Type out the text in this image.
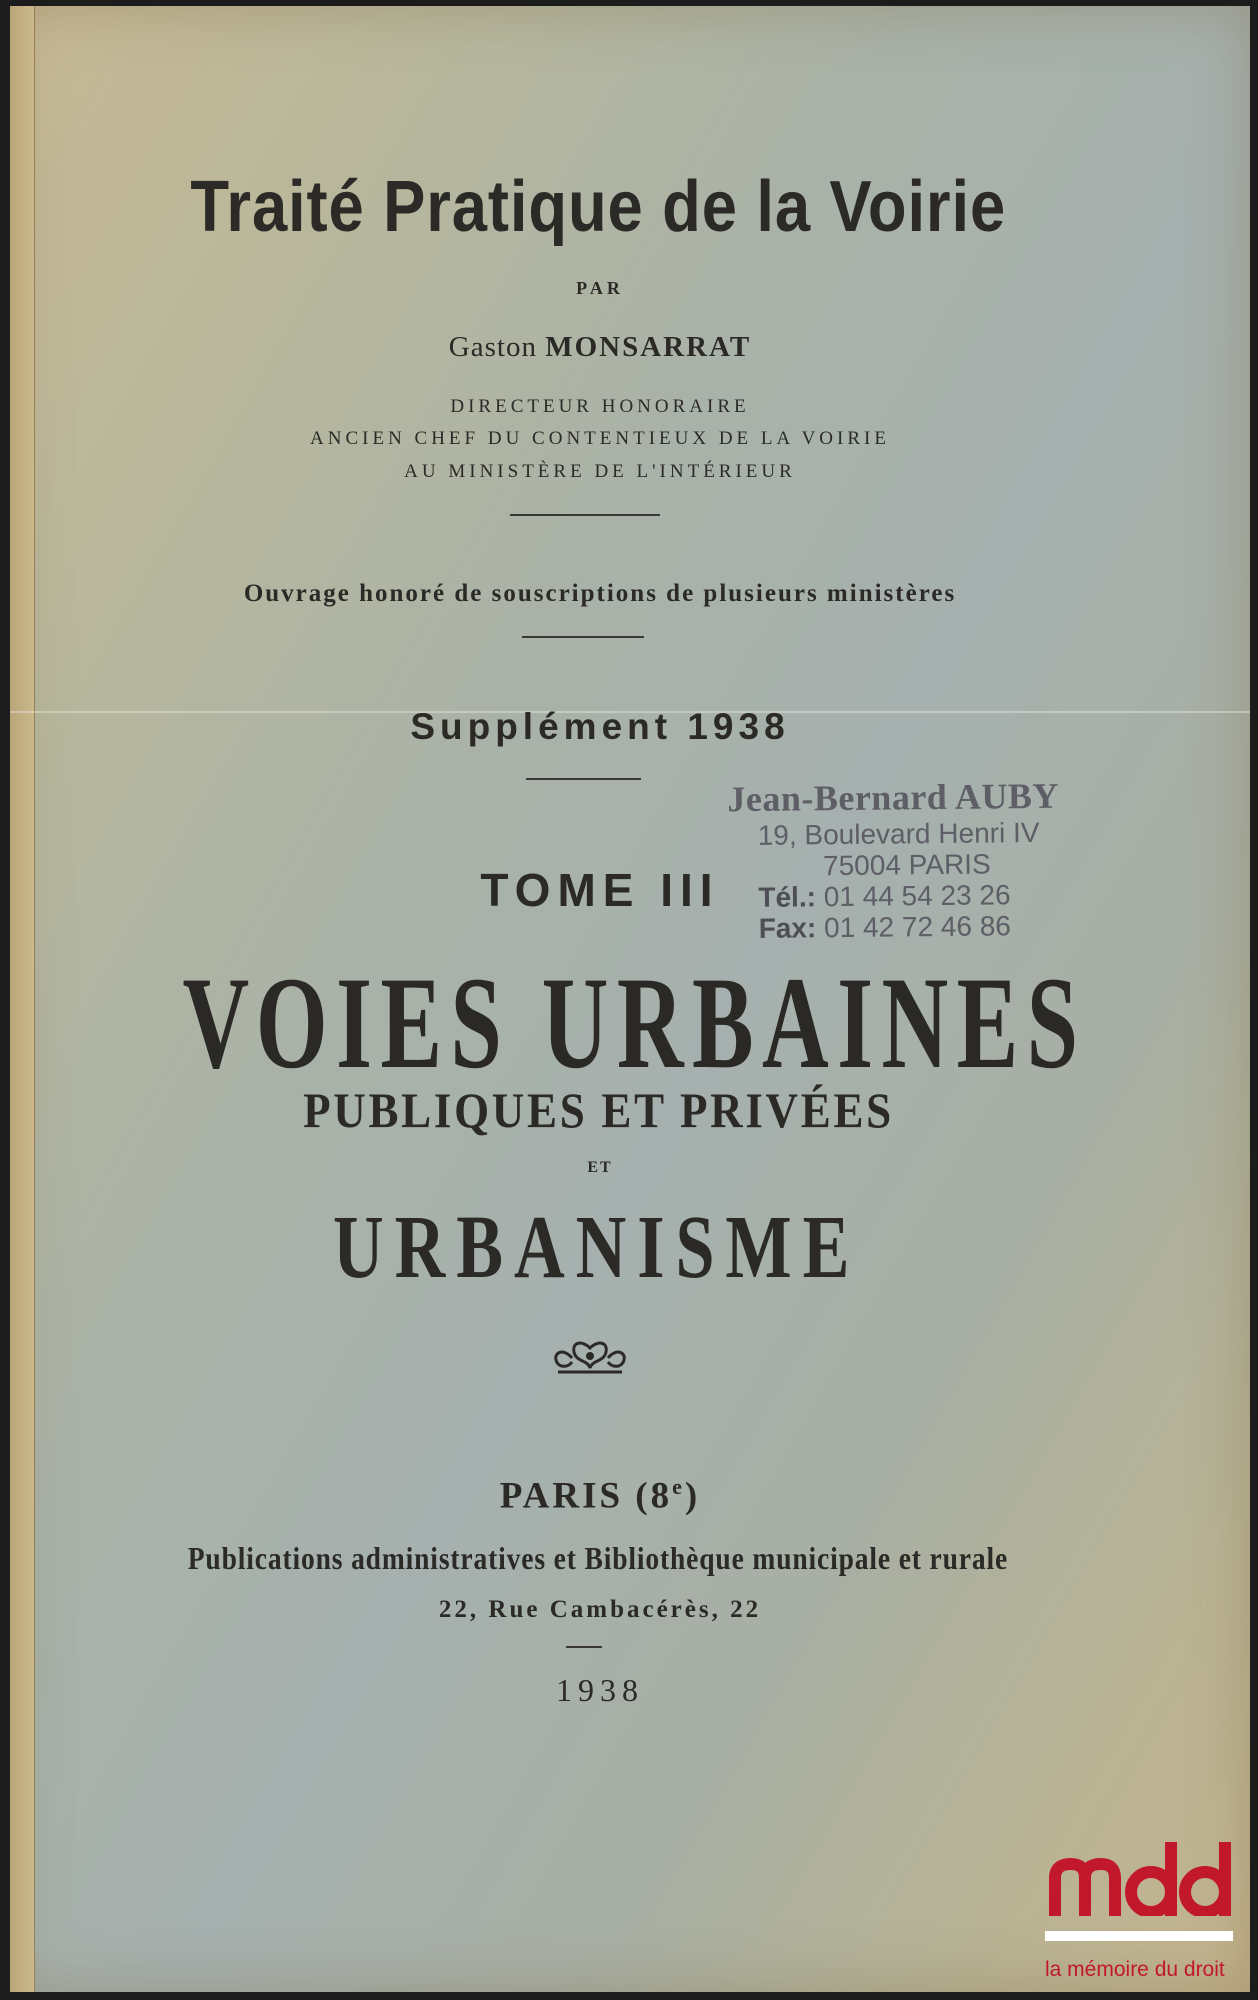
Traité Pratique de la Voirie
PAR
Gaston MONSARRAT
DIRECTEUR HONORAIRE
ANCIEN CHEF DU CONTENTIEUX DE LA VOIRIE
AU MINISTÈRE DE L'INTÉRIEUR
Ouvrage honoré de souscriptions de plusieurs ministères
Supplément 1938
TOME III
VOIES URBAINES
PUBLIQUES ET PRIVÉES
ET
URBANISME
PARIS (8e)
Publications administratives et Bibliothèque municipale et rurale
22, Rue Cambacérès, 22
1938
Jean-Bernard AUBY
19, Boulevard Henri IV
75004 PARIS
Tél.: 01 44 54 23 26
Fax: 01 42 72 46 86
la mémoire du droit
